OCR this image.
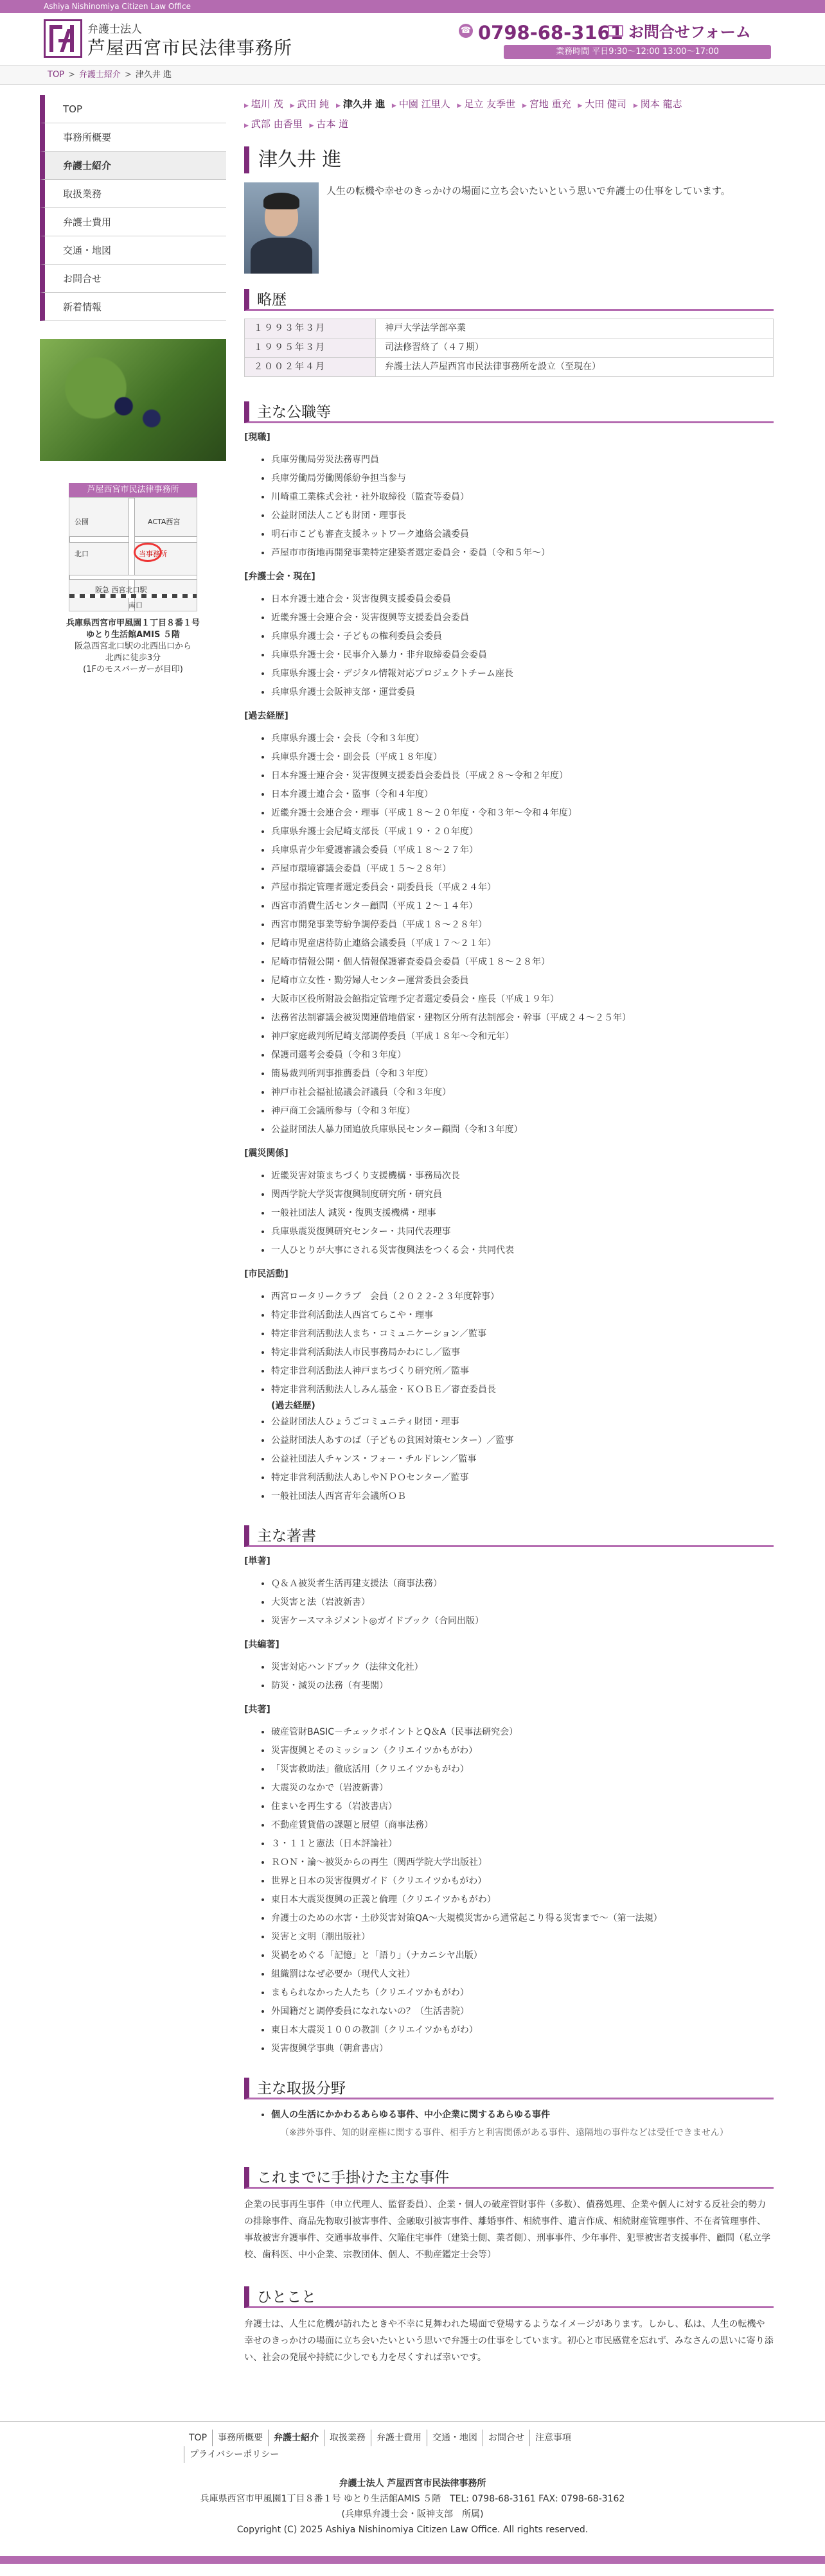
Ashiya Nishinomiya Citizen Law Office
弁護士法人
芦屋西宮市民法律事務所
☎ 0798-68-3161 お問合せフォーム
業務時間 平日9:30〜12:00 13:00〜17:00
TOP > 弁護士紹介 > 津久井 進
TOP
事務所概要
弁護士紹介
取扱業務
弁護士費用
交通・地図
お問合せ
新着情報
芦屋西宮市民法律事務所
公園
北口
ACTA西宮
当事務所
阪急 西宮北口駅
南口
兵庫県西宮市甲風園１丁目８番１号
ゆとり生活館AMIS ５階
阪急西宮北口駅の北西出口から
北西に徒歩3分
(1Fのモスバーガーが目印)
▶ 塩川 茂 ▶ 武田 純 ▶ 津久井 進 ▶ 中園 江里人 ▶ 足立 友季世 ▶ 宮地 重充 ▶ 大田 健司 ▶ 関本 龍志
▶ 武部 由香里 ▶ 古本 道
津久井 進
人生の転機や幸せのきっかけの場面に立ち会いたいという思いで弁護士の仕事をしています。
略歴
１９９３年３月	神戸大学法学部卒業
１９９５年３月	司法修習終了（４７期）
２００２年４月	弁護士法人芦屋西宮市民法律事務所を設立（至現在）
主な公職等
[現職]
• 兵庫労働局労災法務専門員
• 兵庫労働局労働関係紛争担当参与
• 川崎重工業株式会社・社外取締役（監査等委員）
• 公益財団法人こども財団・理事長
• 明石市こども審査支援ネットワーク連絡会議委員
• 芦屋市市街地再開発事業特定建築者選定委員会・委員（令和５年〜）
[弁護士会・現在]
• 日本弁護士連合会・災害復興支援委員会委員
• 近畿弁護士会連合会・災害復興等支援委員会委員
• 兵庫県弁護士会・子どもの権利委員会委員
• 兵庫県弁護士会・民事介入暴力・非弁取締委員会委員
• 兵庫県弁護士会・デジタル情報対応プロジェクトチーム座長
• 兵庫県弁護士会阪神支部・運営委員
[過去経歴]
• 兵庫県弁護士会・会長（令和３年度）
• 兵庫県弁護士会・副会長（平成１８年度）
• 日本弁護士連合会・災害復興支援委員会委員長（平成２８〜令和２年度）
• 日本弁護士連合会・監事（令和４年度）
• 近畿弁護士会連合会・理事（平成１８〜２０年度・令和３年〜令和４年度）
• 兵庫県弁護士会尼崎支部長（平成１９・２０年度）
• 兵庫県青少年愛護審議会委員（平成１８〜２７年）
• 芦屋市環境審議会委員（平成１５〜２８年）
• 芦屋市指定管理者選定委員会・副委員長（平成２４年）
• 西宮市消費生活センター顧問（平成１２〜１４年）
• 西宮市開発事業等紛争調停委員（平成１８〜２８年）
• 尼崎市児童虐待防止連絡会議委員（平成１７〜２１年）
• 尼崎市情報公開・個人情報保護審査委員会委員（平成１８〜２８年）
• 尼崎市立女性・勤労婦人センター運営委員会委員
• 大阪市区役所附設会館指定管理予定者選定委員会・座長（平成１９年）
• 法務省法制審議会被災関連借地借家・建物区分所有法制部会・幹事（平成２４〜２５年）
• 神戸家庭裁判所尼崎支部調停委員（平成１８年〜令和元年）
• 保護司選考会委員（令和３年度）
• 簡易裁判所判事推薦委員（令和３年度）
• 神戸市社会福祉協議会評議員（令和３年度）
• 神戸商工会議所参与（令和３年度）
• 公益財団法人暴力団追放兵庫県民センター顧問（令和３年度）
[震災関係]
• 近畿災害対策まちづくり支援機構・事務局次長
• 関西学院大学災害復興制度研究所・研究員
• 一般社団法人 減災・復興支援機構・理事
• 兵庫県震災復興研究センター・共同代表理事
• 一人ひとりが大事にされる災害復興法をつくる会・共同代表
[市民活動]
• 西宮ロータリークラブ　会員（２０２２-２３年度幹事）
• 特定非営利活動法人西宮てらこや・理事
• 特定非営利活動法人まち・コミュニケーション／監事
• 特定非営利活動法人市民事務局かわにし／監事
• 特定非営利活動法人神戸まちづくり研究所／監事
• 特定非営利活動法人しみん基金・ＫＯＢＥ／審査委員長
(過去経歴)
• 公益財団法人ひょうごコミュニティ財団・理事
• 公益財団法人あすのば（子どもの貧困対策センター）／監事
• 公益社団法人チャンス・フォー・チルドレン／監事
• 特定非営利活動法人あしやＮＰＯセンター／監事
• 一般社団法人西宮青年会議所ＯＢ
主な著書
[単著]
• Ｑ＆Ａ被災者生活再建支援法（商事法務）
• 大災害と法（岩波新書）
• 災害ケースマネジメント◎ガイドブック（合同出版）
[共編著]
• 災害対応ハンドブック（法律文化社）
• 防災・減災の法務（有斐閣）
[共著]
• 破産管財BASIC－チェックポイントとQ＆A（民事法研究会）
• 災害復興とそのミッション（クリエイツかもがわ）
• 「災害救助法」徹底活用（クリエイツかもがわ）
• 大震災のなかで（岩波新書）
• 住まいを再生する（岩波書店）
• 不動産賃貸借の課題と展望（商事法務）
• ３・１１と憲法（日本評論社）
• ＲＯＮ・論～被災からの再生（関西学院大学出版社）
• 世界と日本の災害復興ガイド（クリエイツかもがわ）
• 東日本大震災復興の正義と倫理（クリエイツかもがわ）
• 弁護士のための水害・土砂災害対策QA～大規模災害から通常起こり得る災害まで～（第一法規）
• 災害と文明（潮出版社）
• 災禍をめぐる「記憶」と「語り」（ナカニシヤ出版）
• 組織罰はなぜ必要か（現代人文社）
• まもられなかった人たち（クリエイツかもがわ）
• 外国籍だと調停委員になれないの？（生活書院）
• 東日本大震災１００の教訓（クリエイツかもがわ）
• 災害復興学事典（朝倉書店）
主な取扱分野
• 個人の生活にかかわるあらゆる事件、中小企業に関するあらゆる事件
（※渉外事件、知的財産権に関する事件、相手方と利害関係がある事件、遠隔地の事件などは受任できません）
これまでに手掛けた主な事件
企業の民事再生事件（申立代理人、監督委員）、企業・個人の破産管財事件（多数）、債務処理、企業や個人に対する反社会的勢力の排除事件、商品先物取引被害事件、金融取引被害事件、離婚事件、相続事件、遺言作成、相続財産管理事件、不在者管理事件、事故被害弁護事件、交通事故事件、欠陥住宅事件（建築士側、業者側）、刑事事件、少年事件、犯罪被害者支援事件、顧問（私立学校、歯科医、中小企業、宗教団体、個人、不動産鑑定士会等）
ひとこと
弁護士は、人生に危機が訪れたときや不幸に見舞われた場面で登場するようなイメージがあります。しかし、私は、人生の転機や幸せのきっかけの場面に立ち会いたいという思いで弁護士の仕事をしています。初心と市民感覚を忘れず、みなさんの思いに寄り添い、社会の発展や持続に少しでも力を尽くすれば幸いです。
TOP 事務所概要 弁護士紹介 取扱業務 弁護士費用 交通・地図 お問合せ 注意事項
プライバシーポリシー
弁護士法人 芦屋西宮市民法律事務所
兵庫県西宮市甲風園1丁目８番１号 ゆとり生活館AMIS ５階　TEL: 0798-68-3161 FAX: 0798-68-3162
(兵庫県弁護士会・阪神支部　所属)
Copyright (C) 2025 Ashiya Nishinomiya Citizen Law Office. All rights reserved.
